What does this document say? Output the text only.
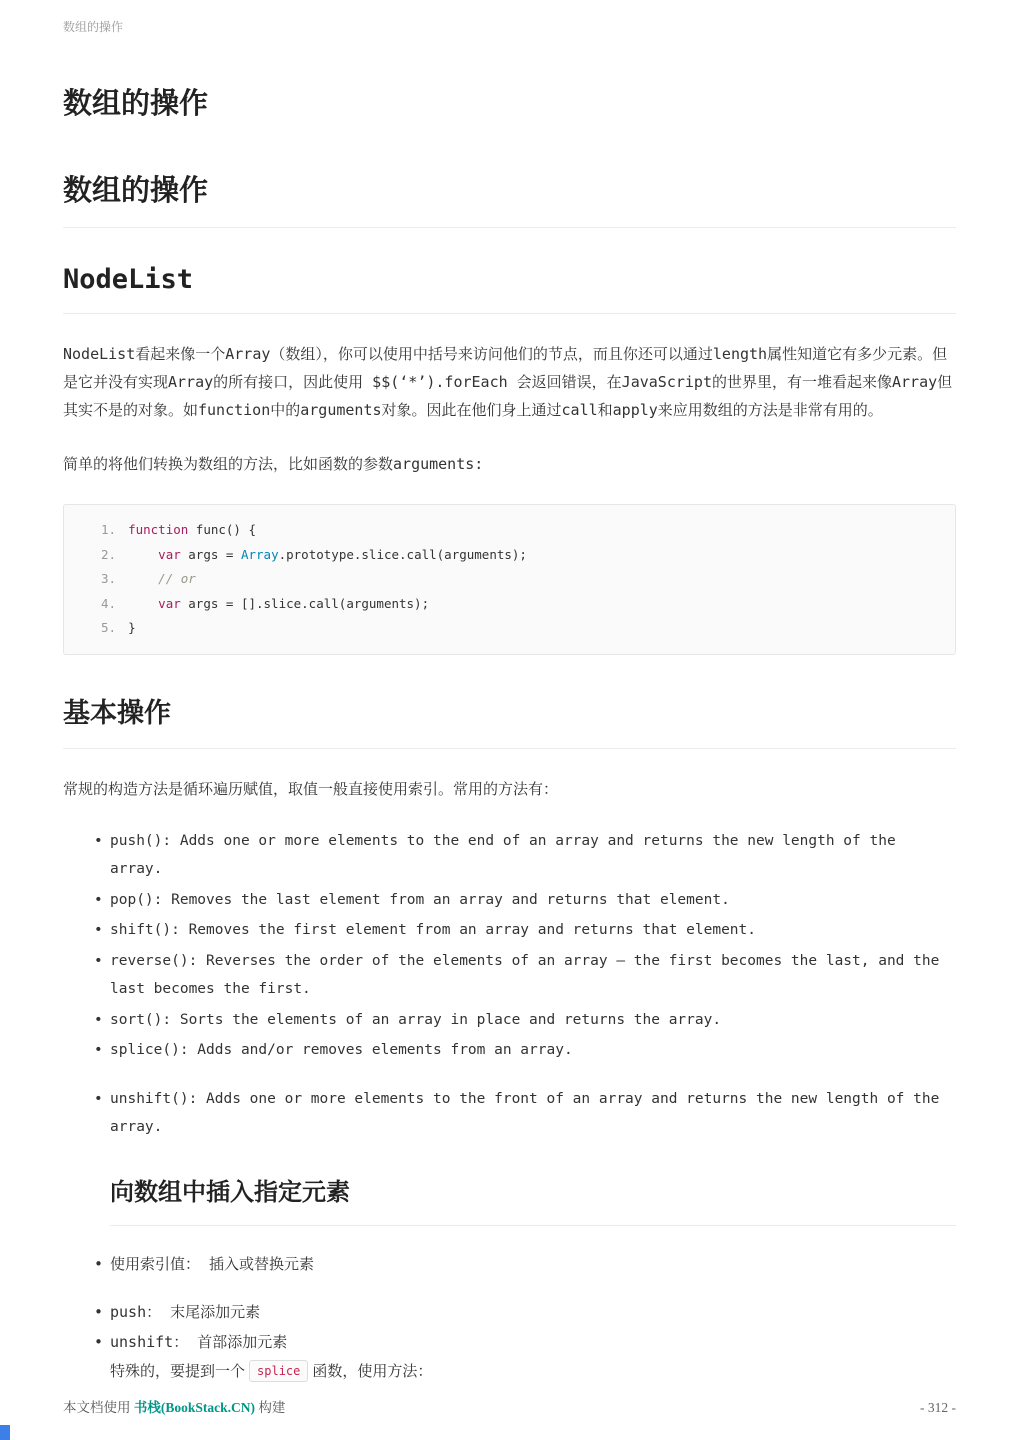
数组的操作
数组的操作
数组的操作
NodeList

NodeList看起来像一个Array（数组），你可以使用中括号来访问他们的节点，而且你还可以通过length属性知道它有多少元素。但是它并没有实现Array的所有接口，因此使用 $$(‘*’).forEach 会返回错误，在JavaScript的世界里，有一堆看起来像Array但其实不是的对象。如function中的arguments对象。因此在他们身上通过call和apply来应用数组的方法是非常有用的。

简单的将他们转换为数组的方法，比如函数的参数arguments:

1. function func() {
2.	var args = Array.prototype.slice.call(arguments);
3.	// or
4.	var args = [].slice.call(arguments);
5. }
基本操作

常规的构造方法是循环遍历赋值，取值一般直接使用索引。常用的方法有：

• push(): Adds one or more elements to the end of an array and returns the new length of the array.
• pop(): Removes the last element from an array and returns that element.
• shift(): Removes the first element from an array and returns that element.
• reverse(): Reverses the order of the elements of an array — the first becomes the last, and the last becomes the first.
• sort(): Sorts the elements of an array in place and returns the array.
• splice(): Adds and/or removes elements from an array.
• unshift(): Adds one or more elements to the front of an array and returns the new length of the array.
向数组中插入指定元素
• 使用索引值： 插入或替换元素
• push： 末尾添加元素
• unshift： 首部添加元素
特殊的，要提到一个 splice 函数，使用方法：
本文档使用 书栈(BookStack.CN) 构建	- 312 -
